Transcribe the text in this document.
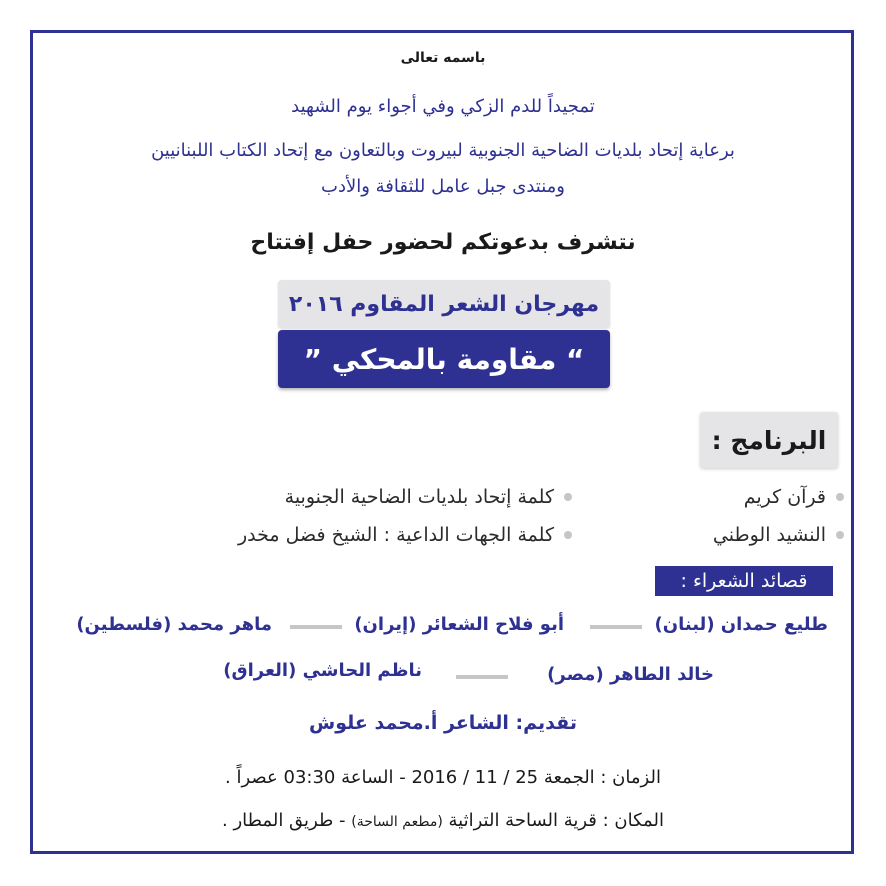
باسمه تعالى
تمجيداً للدم الزكي وفي أجواء يوم الشهيد
برعاية إتحاد بلديات الضاحية الجنوبية لبيروت وبالتعاون مع إتحاد الكتاب اللبنانيين
ومنتدى جبل عامل للثقافة والأدب
نتشرف بدعوتكم لحضور حفل إفتتاح
مهرجان الشعر المقاوم ٢٠١٦
“ مقاومة بالمحكي ”
البرنامج :
قرآن كريم
النشيد الوطني
كلمة إتحاد بلديات الضاحية الجنوبية
كلمة الجهات الداعية : الشيخ فضل مخدر
قصائد الشعراء :
طليع حمدان (لبنان)
أبو فلاح الشعائر (إيران)
ماهر محمد (فلسطين)
خالد الطاهر (مصر)
ناظم الحاشي (العراق)
تقديم: الشاعر أ.محمد علوش
الزمان : الجمعة 25 / 11 / 2016 - الساعة 03:30 عصراً .
المكان : قرية الساحة التراثية (مطعم الساحة) - طريق المطار .
